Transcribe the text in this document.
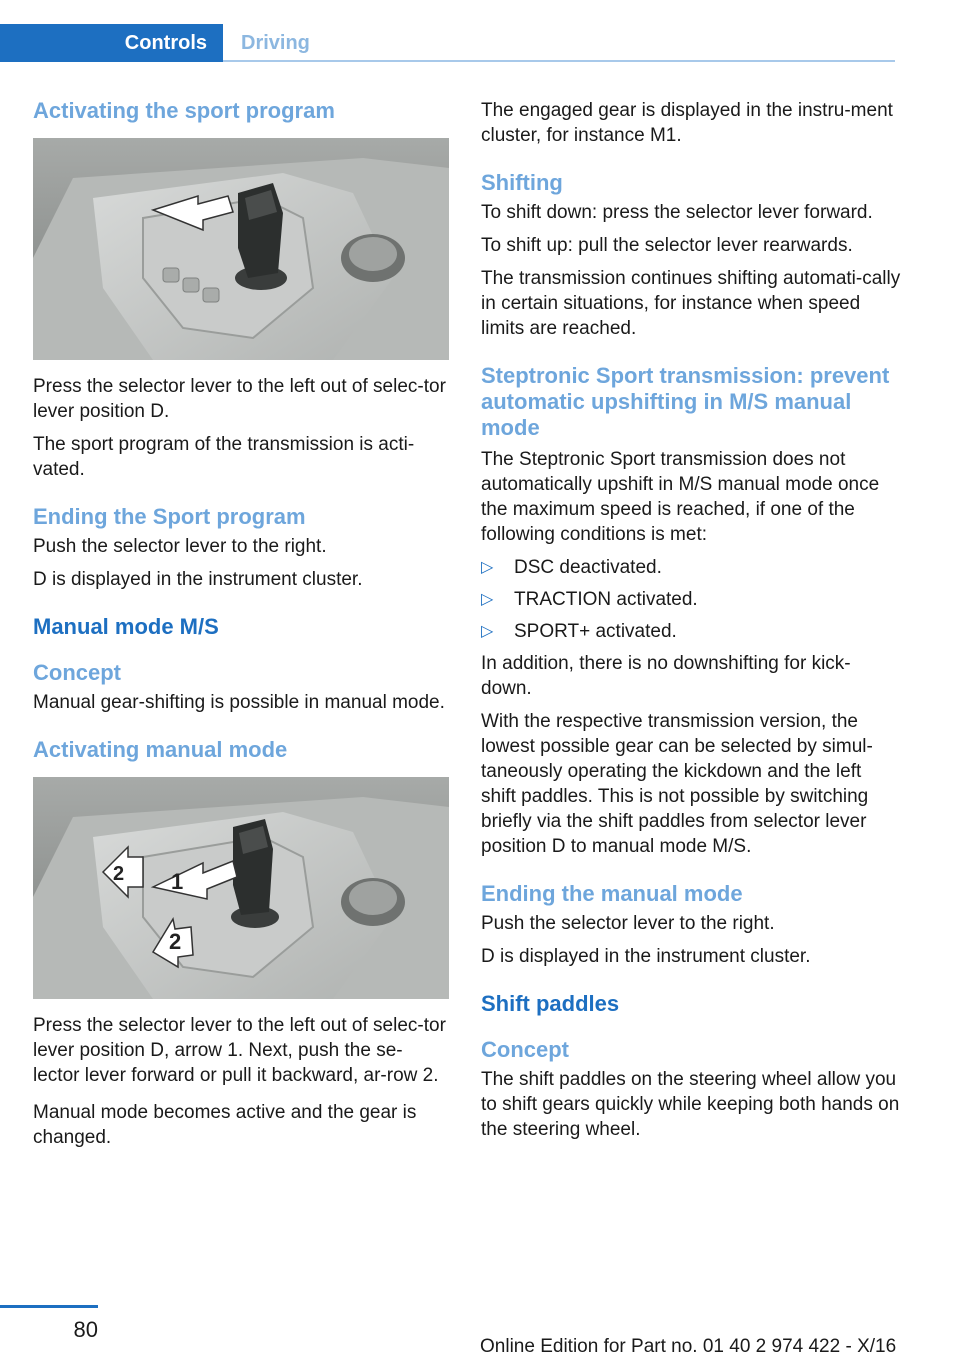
Controls	Driving
Activating the sport program

Press the selector lever to the left out of selec-tor lever position D.

The sport program of the transmission is acti-vated.

Ending the Sport program

Push the selector lever to the right.

D is displayed in the instrument cluster.

Manual mode M/S
Concept

Manual gear-shifting is possible in manual mode.

Activating manual mode
1
2
2

Press the selector lever to the left out of selec-tor lever position D, arrow 1. Next, push the se-lector lever forward or pull it backward, ar-row 2.

Manual mode becomes active and the gear is changed.

The engaged gear is displayed in the instru-ment cluster, for instance M1.

Shifting

To shift down: press the selector lever forward.

To shift up: pull the selector lever rearwards.

The transmission continues shifting automati-cally in certain situations, for instance when speed limits are reached.

Steptronic Sport transmission: prevent automatic upshifting in M/S manual mode

The Steptronic Sport transmission does not automatically upshift in M/S manual mode once the maximum speed is reached, if one of the following conditions is met:

▷	DSC deactivated.
▷	TRACTION activated.
▷	SPORT+ activated.

In addition, there is no downshifting for kick-down.

With the respective transmission version, the lowest possible gear can be selected by simul-taneously operating the kickdown and the left shift paddles. This is not possible by switching briefly via the shift paddles from selector lever position D to manual mode M/S.

Ending the manual mode

Push the selector lever to the right.

D is displayed in the instrument cluster.

Shift paddles
Concept

The shift paddles on the steering wheel allow you to shift gears quickly while keeping both hands on the steering wheel.

80
Online Edition for Part no. 01 40 2 974 422 - X/16
